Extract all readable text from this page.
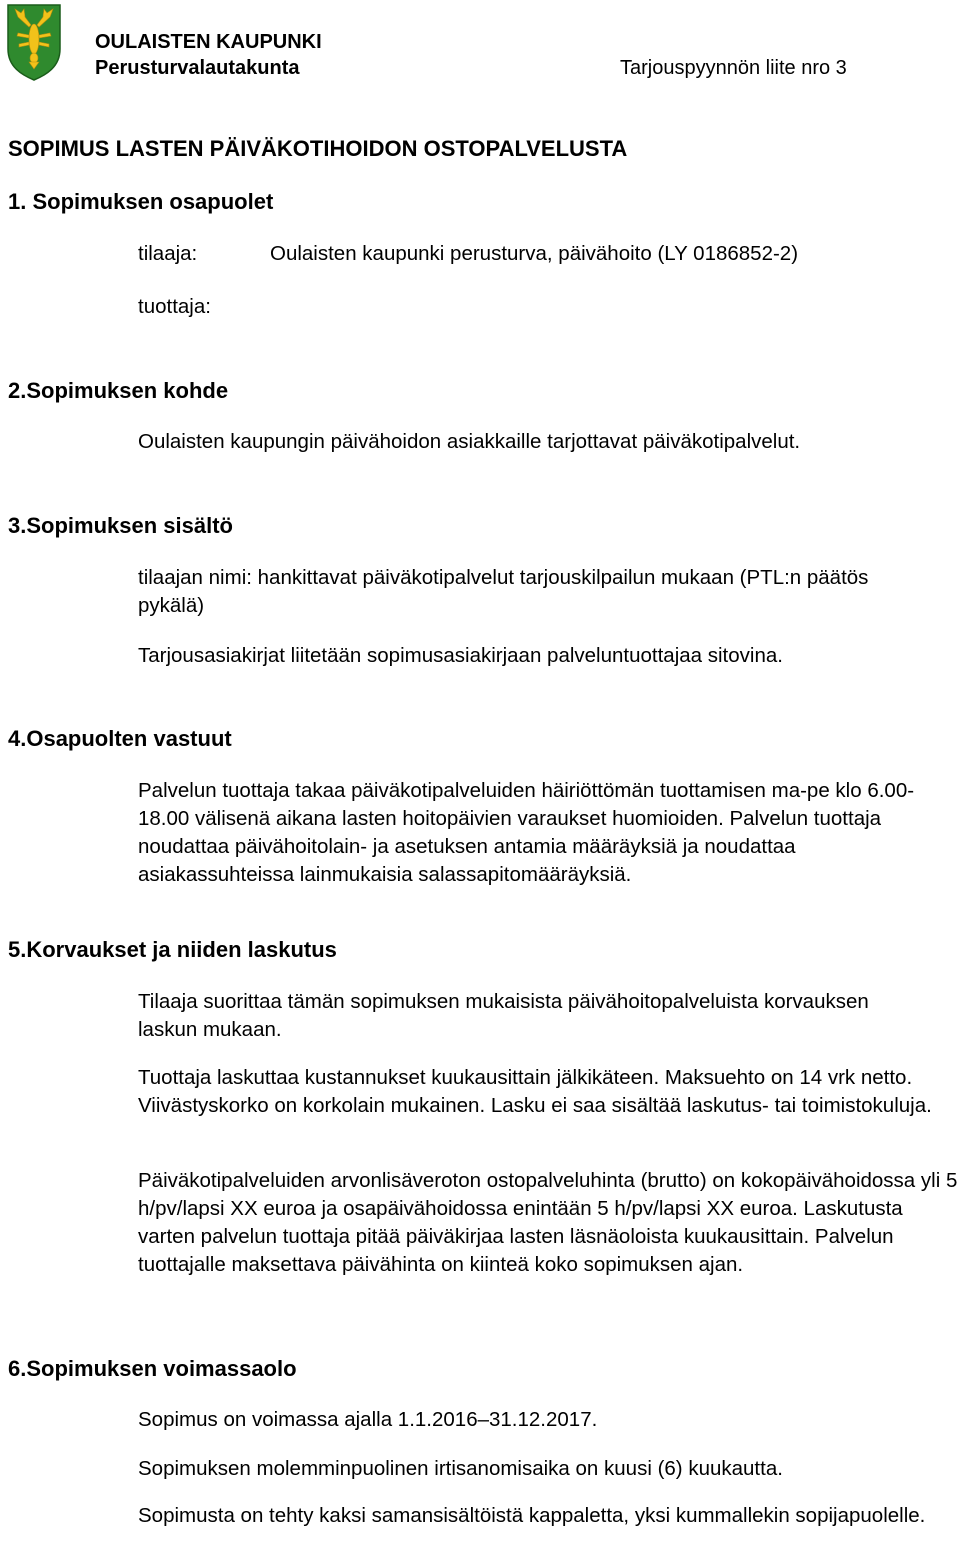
OULAISTEN KAUPUNKI
Perusturvalautakunta	Tarjouspyynnön liite nro 3
SOPIMUS LASTEN PÄIVÄKOTIHOIDON OSTOPALVELUSTA
1. Sopimuksen osapuolet
tilaaja:	Oulaisten kaupunki perusturva, päivähoito (LY 0186852-2)
tuottaja:
2.Sopimuksen kohde
Oulaisten kaupungin päivähoidon asiakkaille tarjottavat päiväkotipalvelut.
3.Sopimuksen sisältö
tilaajan nimi: hankittavat päiväkotipalvelut tarjouskilpailun mukaan (PTL:n päätös pykälä)
Tarjousasiakirjat liitetään sopimusasiakirjaan palveluntuottajaa sitovina.
4.Osapuolten vastuut
Palvelun tuottaja takaa päiväkotipalveluiden häiriöttömän tuottamisen ma-pe klo 6.00-18.00 välisenä aikana lasten hoitopäivien varaukset huomioiden. Palvelun tuottaja noudattaa päivähoitolain- ja asetuksen antamia määräyksiä ja noudattaa asiakassuhteissa lainmukaisia salassapitomääräyksiä.
5.Korvaukset ja niiden laskutus
Tilaaja suorittaa tämän sopimuksen mukaisista päivähoitopalveluista korvauksen laskun mukaan.
Tuottaja laskuttaa kustannukset kuukausittain jälkikäteen. Maksuehto on 14 vrk netto. Viivästyskorko on korkolain mukainen. Lasku ei saa sisältää laskutus- tai toimistokuluja.
Päiväkotipalveluiden arvonlisäveroton ostopalveluhinta (brutto) on kokopäivähoidossa yli 5 h/pv/lapsi XX euroa ja osapäivähoidossa enintään 5 h/pv/lapsi XX euroa. Laskutusta varten palvelun tuottaja pitää päiväkirjaa lasten läsnäoloista kuukausittain. Palvelun tuottajalle maksettava päivähinta on kiinteä koko sopimuksen ajan.
6.Sopimuksen voimassaolo
Sopimus on voimassa ajalla 1.1.2016–31.12.2017.
Sopimuksen molemminpuolinen irtisanomisaika on kuusi (6) kuukautta.
Sopimusta on tehty kaksi samansisältöistä kappaletta, yksi kummallekin sopijapuolelle.
